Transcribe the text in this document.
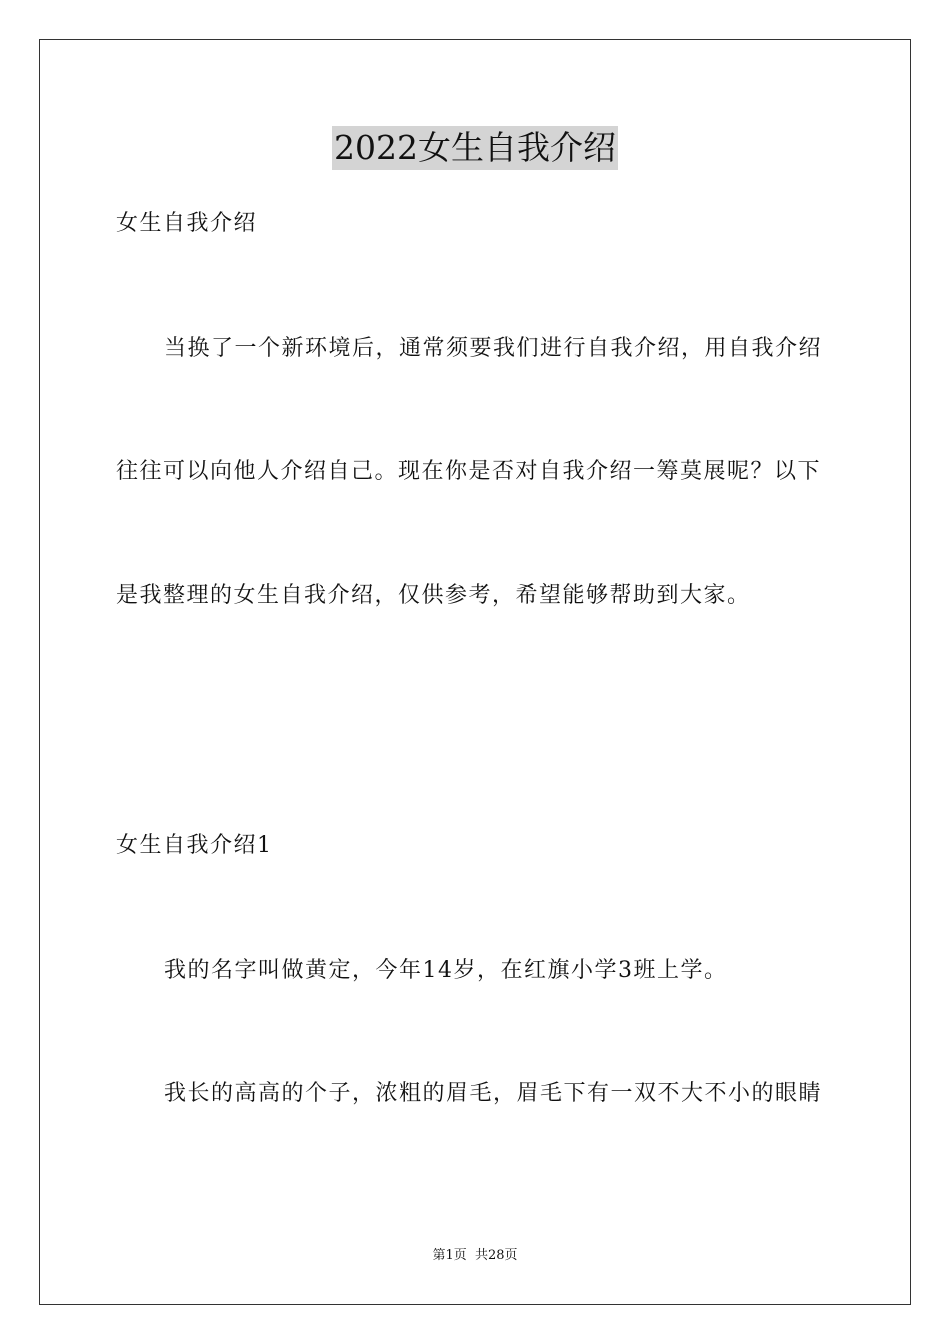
2022女生自我介绍
女生自我介绍
当换了一个新环境后，通常须要我们进行自我介绍，用自我介绍
往往可以向他人介绍自己。现在你是否对自我介绍一筹莫展呢？以下
是我整理的女生自我介绍，仅供参考，希望能够帮助到大家。
女生自我介绍1
我的名字叫做黄定，今年14岁，在红旗小学3班上学。
我长的高高的个子，浓粗的眉毛，眉毛下有一双不大不小的眼睛
第1页 共28页
